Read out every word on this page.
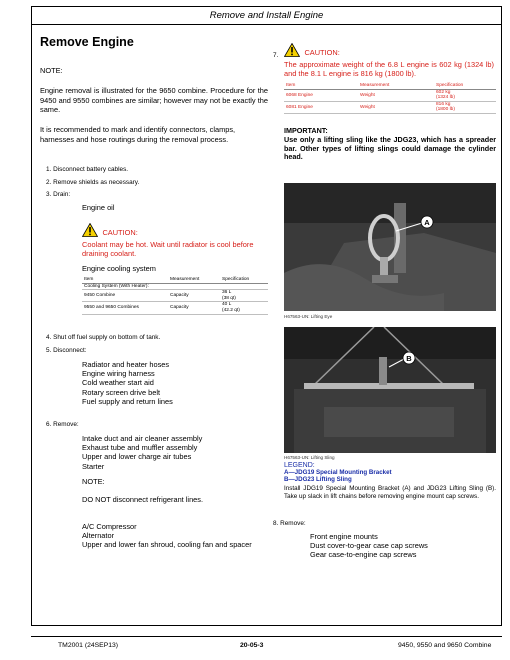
Remove and Install Engine
Remove Engine
NOTE:
Engine removal is illustrated for the 9650 combine. Procedure for the 9450 and 9550 combines are similar; however may not be exactly the same.
It is recommended to mark and identify connectors, clamps, harnesses and hose routings during the removal process.
1. Disconnect battery cables.
2. Remove shields as necessary.
3. Drain:
Engine oil
CAUTION:
Coolant may be hot. Wait until radiator is cool before draining coolant.
Engine cooling system
Item	Measurement	Specification
Cooling System (With Heater):		
9450 Combine	Capacity	36 L
(38 qt)
9550 and 9650 Combines	Capacity	40 L
(42.2 qt)
4. Shut off fuel supply on bottom of tank.
5. Disconnect:
Radiator and heater hoses
Engine wiring harness
Cold weather start aid
Rotary screen drive belt
Fuel supply and return lines
6. Remove:
Intake duct and air cleaner assembly
Exhaust tube and muffler assembly
Upper and lower charge air tubes
Starter
NOTE:
DO NOT disconnect refrigerant lines.
A/C Compressor
Alternator
Upper and lower fan shroud, cooling fan and spacer
7.	CAUTION:
The approximate weight of the 6.8 L engine is 602 kg (1324 lb) and the 8.1 L engine is 816 kg (1800 lb).
Item	Measurement	Specification
6068 Engine	Weight	602 kg
(1324 lb)
6081 Engine	Weight	816 kg
(1800 lb)
IMPORTANT:
Use only a lifting sling like the JDG23, which has a spreader bar. Other types of lifting slings could damage the cylinder head.
A
H67563-UN: Lifting Eye
B
H67563-UN: Lifting Sling
LEGEND:
A—JDG19 Special Mounting Bracket
B—JDG23 Lifting Sling
Install JDG19 Special Mounting Bracket (A) and JDG23 Lifting Sling (B). Take up slack in lift chains before removing engine mount cap screws.
8. Remove:
Front engine mounts
Dust cover-to-gear case cap screws
Gear case-to-engine cap screws
TM2001 (24SEP13)	20-05-3	9450, 9550 and 9650 Combine
